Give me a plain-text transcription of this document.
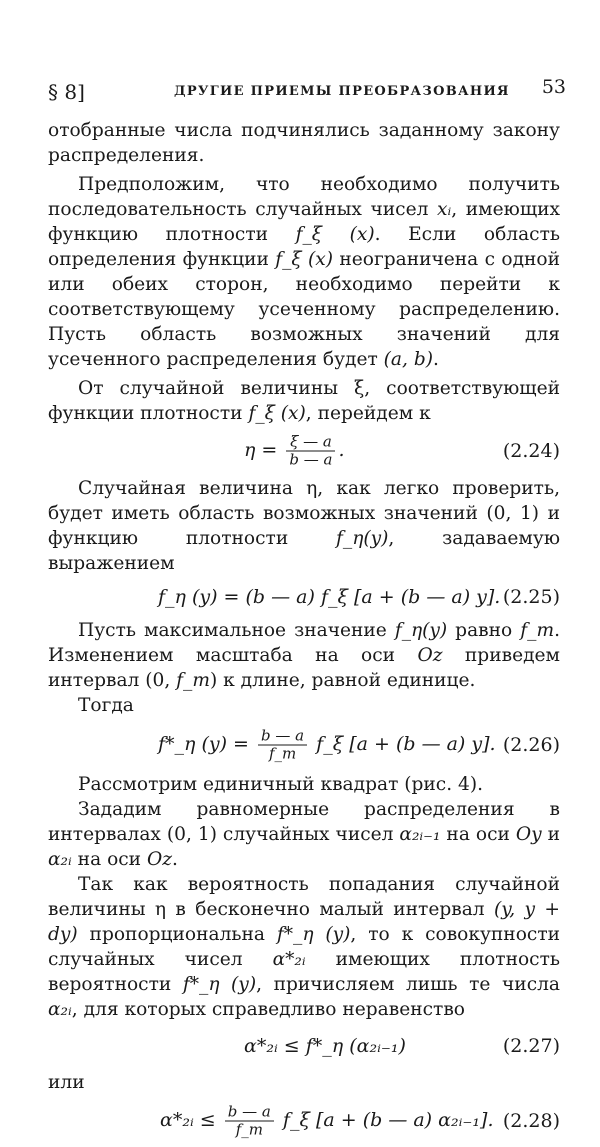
§ 8]	ДРУГИЕ ПРИЕМЫ ПРЕОБРАЗОВАНИЯ 53

отобранные числа подчинялись заданному закону распределения.

Предположим, что необходимо получить последовательность случайных чисел xᵢ, имеющих функцию плотности f_ξ (x). Если область определения функции f_ξ (x) неограничена с одной или обеих сторон, необходимо перейти к соответствующему усеченному распределению. Пусть область возможных значений для усеченного распределения будет (a, b).

От случайной величины ξ, соответствующей функции плотности f_ξ (x), перейдем к

$\eta = \frac{\xi — a}{b — a}$ .	(2.24)

Случайная величина η, как легко проверить, будет иметь область возможных значений (0, 1) и функцию плотности f_η(y), задаваемую выражением

f_η (y) = (b — a) f_ξ [a + (b — a) y]. (2.25)

Пусть максимальное значение f_η(y) равно f_m. Изменением масштаба на оси Oz приведем интервал (0, f_m) к длине, равной единице.

Тогда

f*_η $(y) = \frac{b — a}{f\_m}$ f_ξ [a + (b — a) y]. (2.26)

Рассмотрим единичный квадрат (рис. 4).

Зададим равномерные распределения в интервалах (0, 1) случайных чисел α₂ᵢ₋₁ на оси Oy и α₂ᵢ на оси Oz.

Так как вероятность попадания случайной величины η в бесконечно малый интервал (y, y + dy) пропорциональна f*_η (y), то к совокупности случайных чисел α*₂ᵢ имеющих плотность вероятности f*_η (y), причисляем лишь те числа α₂ᵢ, для которых справедливо неравенство

α*₂ᵢ ≤ f*_η (α₂ᵢ₋₁)	(2.27)

или

α*₂ᵢ ≤ $\frac{b — a}{f\_m}$ f_ξ [a + (b — a) α₂ᵢ₋₁]. (2.28)
